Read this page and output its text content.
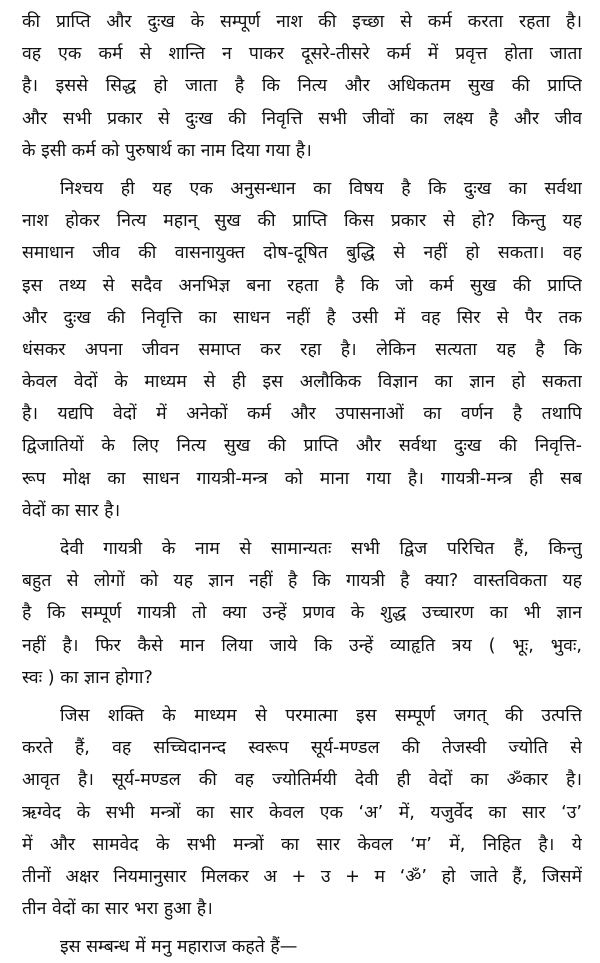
की प्राप्ति और दुःख के सम्पूर्ण नाश की इच्छा से कर्म करता रहता है।
वह एक कर्म से शान्ति न पाकर दूसरे-तीसरे कर्म में प्रवृत्त होता जाता
है। इससे सिद्ध हो जाता है कि नित्य और अधिकतम सुख की प्राप्ति
और सभी प्रकार से दुःख की निवृत्ति सभी जीवों का लक्ष्य है और जीव
के इसी कर्म को पुरुषार्थ का नाम दिया गया है।
निश्चय ही यह एक अनुसन्धान का विषय है कि दुःख का सर्वथा
नाश होकर नित्य महान् सुख की प्राप्ति किस प्रकार से हो? किन्तु यह
समाधान जीव की वासनायुक्त दोष-दूषित बुद्धि से नहीं हो सकता। वह
इस तथ्य से सदैव अनभिज्ञ बना रहता है कि जो कर्म सुख की प्राप्ति
और दुःख की निवृत्ति का साधन नहीं है उसी में वह सिर से पैर तक
धंसकर अपना जीवन समाप्त कर रहा है। लेकिन सत्यता यह है कि
केवल वेदों के माध्यम से ही इस अलौकिक विज्ञान का ज्ञान हो सकता
है। यद्यपि वेदों में अनेकों कर्म और उपासनाओं का वर्णन है तथापि
द्विजातियों के लिए नित्य सुख की प्राप्ति और सर्वथा दुःख की निवृत्ति-
रूप मोक्ष का साधन गायत्री-मन्त्र को माना गया है। गायत्री-मन्त्र ही सब
वेदों का सार है।
देवी गायत्री के नाम से सामान्यतः सभी द्विज परिचित हैं, किन्तु
बहुत से लोगों को यह ज्ञान नहीं है कि गायत्री है क्या? वास्तविकता यह
है कि सम्पूर्ण गायत्री तो क्या उन्हें प्रणव के शुद्ध उच्चारण का भी ज्ञान
नहीं है। फिर कैसे मान लिया जाये कि उन्हें व्याहृति त्रय ( भूः, भुवः,
स्वः ) का ज्ञान होगा?
जिस शक्ति के माध्यम से परमात्मा इस सम्पूर्ण जगत् की उत्पत्ति
करते हैं, वह सच्चिदानन्द स्वरूप सूर्य-मण्डल की तेजस्वी ज्योति से
आवृत है। सूर्य-मण्डल की वह ज्योतिर्मयी देवी ही वेदों का ॐकार है।
ऋग्वेद के सभी मन्त्रों का सार केवल एक ‘अ’ में, यजुर्वेद का सार ‘उ’
में और सामवेद के सभी मन्त्रों का सार केवल ‘म’ में, निहित है। ये
तीनों अक्षर नियमानुसार मिलकर अ + उ + म ‘ॐ’ हो जाते हैं, जिसमें
तीन वेदों का सार भरा हुआ है।
इस सम्बन्ध में मनु महाराज कहते हैं—
